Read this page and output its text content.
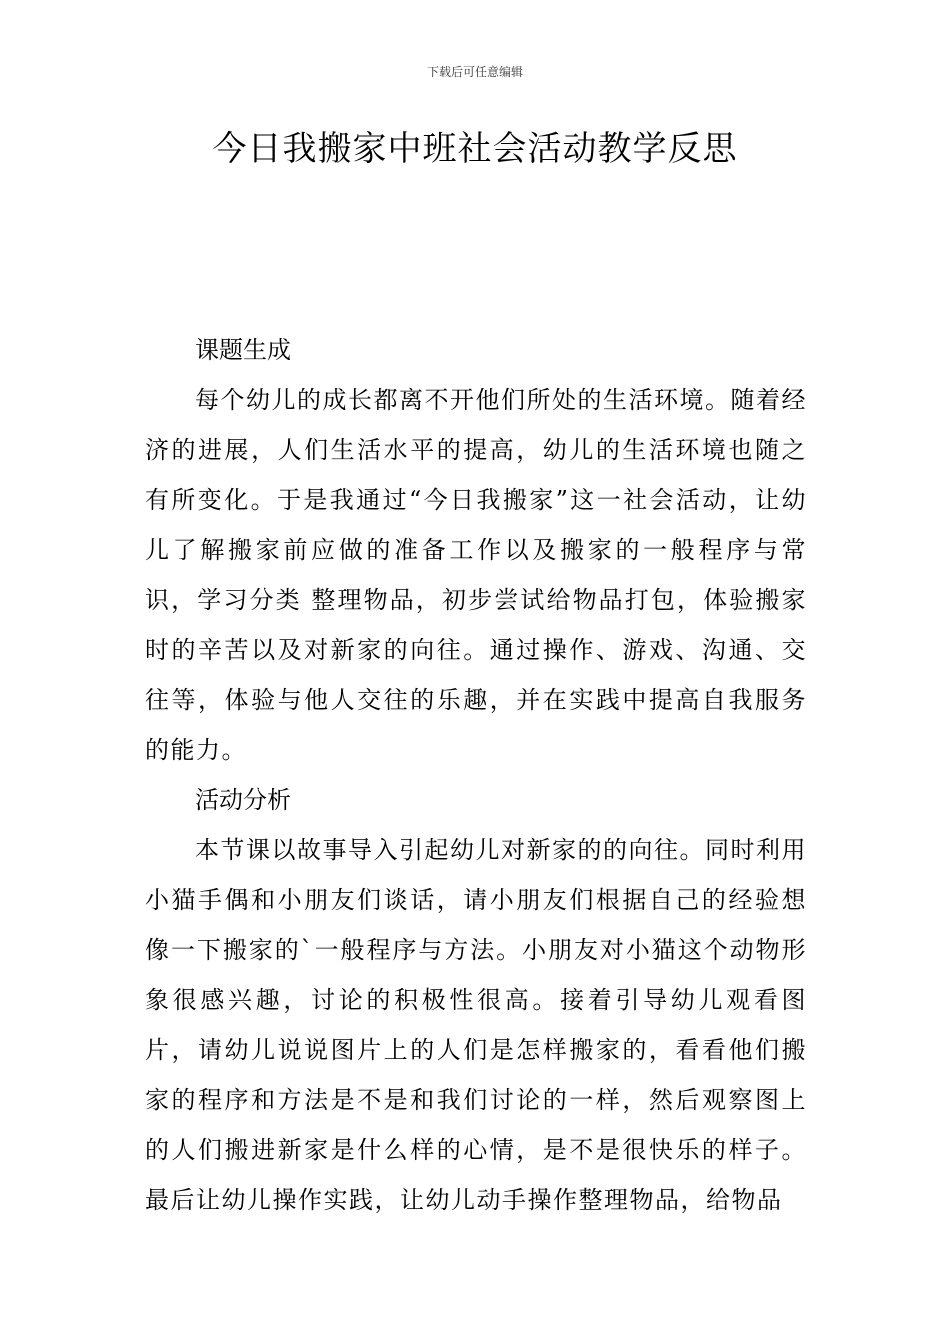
下载后可任意编辑
今日我搬家中班社会活动教学反思

课题生成

每个幼儿的成长都离不开他们所处的生活环境。随着经济的进展，人们生活水平的提高，幼儿的生活环境也随之有所变化。于是我通过“今日我搬家”这一社会活动，让幼儿了解搬家前应做的准备工作以及搬家的一般程序与常识，学习分类 整理物品，初步尝试给物品打包，体验搬家时的辛苦以及对新家的向往。通过操作、游戏、沟通、交往等，体验与他人交往的乐趣，并在实践中提高自我服务的能力。

活动分析

本节课以故事导入引起幼儿对新家的的向往。同时利用小猫手偶和小朋友们谈话，请小朋友们根据自己的经验想像一下搬家的`一般程序与方法。小朋友对小猫这个动物形象很感兴趣，讨论的积极性很高。接着引导幼儿观看图片，请幼儿说说图片上的人们是怎样搬家的，看看他们搬家的程序和方法是不是和我们讨论的一样，然后观察图上的人们搬进新家是什么样的心情，是不是很快乐的样子。最后让幼儿操作实践，让幼儿动手操作整理物品，给物品
